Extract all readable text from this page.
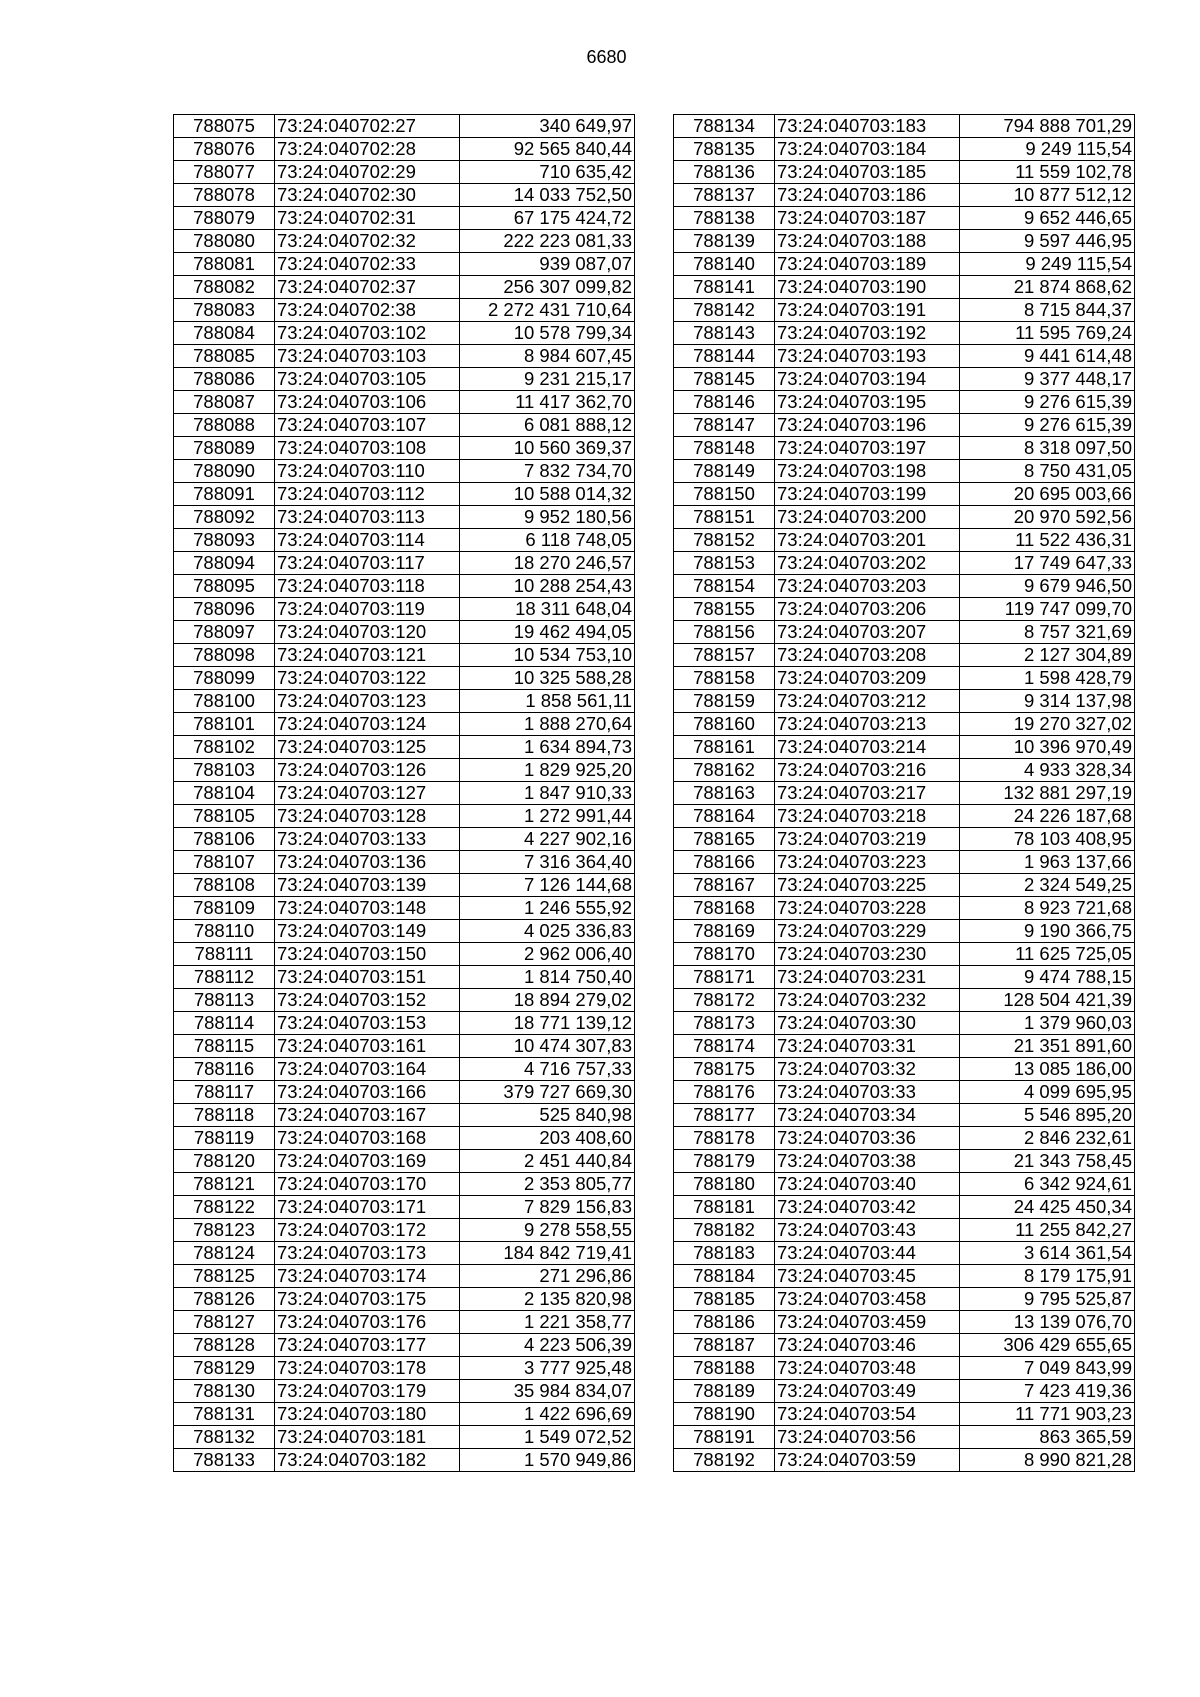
6680
788075	73:24:040702:27	340 649,97
788076	73:24:040702:28	92 565 840,44
788077	73:24:040702:29	710 635,42
788078	73:24:040702:30	14 033 752,50
788079	73:24:040702:31	67 175 424,72
788080	73:24:040702:32	222 223 081,33
788081	73:24:040702:33	939 087,07
788082	73:24:040702:37	256 307 099,82
788083	73:24:040702:38	2 272 431 710,64
788084	73:24:040703:102	10 578 799,34
788085	73:24:040703:103	8 984 607,45
788086	73:24:040703:105	9 231 215,17
788087	73:24:040703:106	11 417 362,70
788088	73:24:040703:107	6 081 888,12
788089	73:24:040703:108	10 560 369,37
788090	73:24:040703:110	7 832 734,70
788091	73:24:040703:112	10 588 014,32
788092	73:24:040703:113	9 952 180,56
788093	73:24:040703:114	6 118 748,05
788094	73:24:040703:117	18 270 246,57
788095	73:24:040703:118	10 288 254,43
788096	73:24:040703:119	18 311 648,04
788097	73:24:040703:120	19 462 494,05
788098	73:24:040703:121	10 534 753,10
788099	73:24:040703:122	10 325 588,28
788100	73:24:040703:123	1 858 561,11
788101	73:24:040703:124	1 888 270,64
788102	73:24:040703:125	1 634 894,73
788103	73:24:040703:126	1 829 925,20
788104	73:24:040703:127	1 847 910,33
788105	73:24:040703:128	1 272 991,44
788106	73:24:040703:133	4 227 902,16
788107	73:24:040703:136	7 316 364,40
788108	73:24:040703:139	7 126 144,68
788109	73:24:040703:148	1 246 555,92
788110	73:24:040703:149	4 025 336,83
788111	73:24:040703:150	2 962 006,40
788112	73:24:040703:151	1 814 750,40
788113	73:24:040703:152	18 894 279,02
788114	73:24:040703:153	18 771 139,12
788115	73:24:040703:161	10 474 307,83
788116	73:24:040703:164	4 716 757,33
788117	73:24:040703:166	379 727 669,30
788118	73:24:040703:167	525 840,98
788119	73:24:040703:168	203 408,60
788120	73:24:040703:169	2 451 440,84
788121	73:24:040703:170	2 353 805,77
788122	73:24:040703:171	7 829 156,83
788123	73:24:040703:172	9 278 558,55
788124	73:24:040703:173	184 842 719,41
788125	73:24:040703:174	271 296,86
788126	73:24:040703:175	2 135 820,98
788127	73:24:040703:176	1 221 358,77
788128	73:24:040703:177	4 223 506,39
788129	73:24:040703:178	3 777 925,48
788130	73:24:040703:179	35 984 834,07
788131	73:24:040703:180	1 422 696,69
788132	73:24:040703:181	1 549 072,52
788133	73:24:040703:182	1 570 949,86
788134	73:24:040703:183	794 888 701,29
788135	73:24:040703:184	9 249 115,54
788136	73:24:040703:185	11 559 102,78
788137	73:24:040703:186	10 877 512,12
788138	73:24:040703:187	9 652 446,65
788139	73:24:040703:188	9 597 446,95
788140	73:24:040703:189	9 249 115,54
788141	73:24:040703:190	21 874 868,62
788142	73:24:040703:191	8 715 844,37
788143	73:24:040703:192	11 595 769,24
788144	73:24:040703:193	9 441 614,48
788145	73:24:040703:194	9 377 448,17
788146	73:24:040703:195	9 276 615,39
788147	73:24:040703:196	9 276 615,39
788148	73:24:040703:197	8 318 097,50
788149	73:24:040703:198	8 750 431,05
788150	73:24:040703:199	20 695 003,66
788151	73:24:040703:200	20 970 592,56
788152	73:24:040703:201	11 522 436,31
788153	73:24:040703:202	17 749 647,33
788154	73:24:040703:203	9 679 946,50
788155	73:24:040703:206	119 747 099,70
788156	73:24:040703:207	8 757 321,69
788157	73:24:040703:208	2 127 304,89
788158	73:24:040703:209	1 598 428,79
788159	73:24:040703:212	9 314 137,98
788160	73:24:040703:213	19 270 327,02
788161	73:24:040703:214	10 396 970,49
788162	73:24:040703:216	4 933 328,34
788163	73:24:040703:217	132 881 297,19
788164	73:24:040703:218	24 226 187,68
788165	73:24:040703:219	78 103 408,95
788166	73:24:040703:223	1 963 137,66
788167	73:24:040703:225	2 324 549,25
788168	73:24:040703:228	8 923 721,68
788169	73:24:040703:229	9 190 366,75
788170	73:24:040703:230	11 625 725,05
788171	73:24:040703:231	9 474 788,15
788172	73:24:040703:232	128 504 421,39
788173	73:24:040703:30	1 379 960,03
788174	73:24:040703:31	21 351 891,60
788175	73:24:040703:32	13 085 186,00
788176	73:24:040703:33	4 099 695,95
788177	73:24:040703:34	5 546 895,20
788178	73:24:040703:36	2 846 232,61
788179	73:24:040703:38	21 343 758,45
788180	73:24:040703:40	6 342 924,61
788181	73:24:040703:42	24 425 450,34
788182	73:24:040703:43	11 255 842,27
788183	73:24:040703:44	3 614 361,54
788184	73:24:040703:45	8 179 175,91
788185	73:24:040703:458	9 795 525,87
788186	73:24:040703:459	13 139 076,70
788187	73:24:040703:46	306 429 655,65
788188	73:24:040703:48	7 049 843,99
788189	73:24:040703:49	7 423 419,36
788190	73:24:040703:54	11 771 903,23
788191	73:24:040703:56	863 365,59
788192	73:24:040703:59	8 990 821,28
